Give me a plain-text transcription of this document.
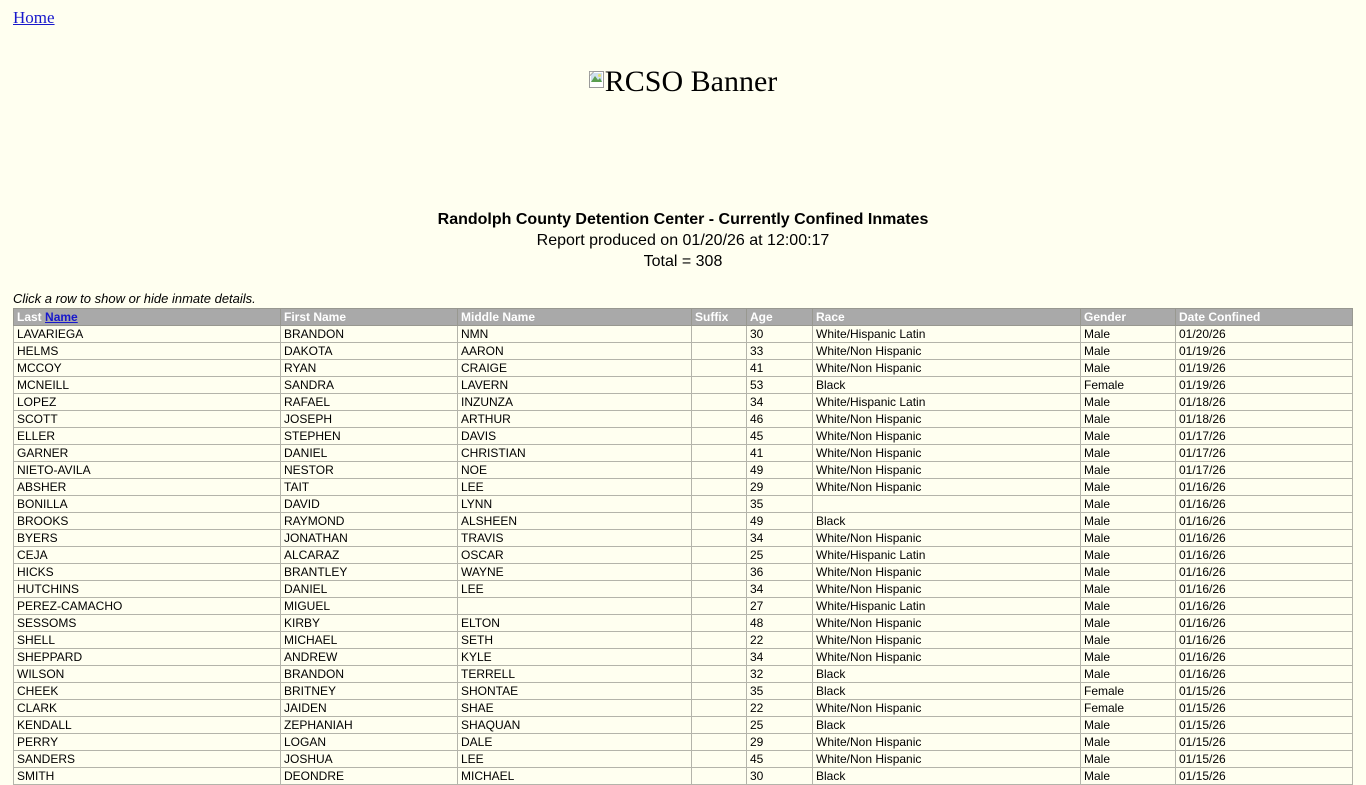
Home
RCSO Banner
Randolph County Detention Center - Currently Confined Inmates
Report produced on 01/20/26 at 12:00:17
Total = 308
Click a row to show or hide inmate details.
Last Name	First Name	Middle Name	Suffix	Age	Race	Gender	Date Confined
LAVARIEGA	BRANDON	NMN		30	White/Hispanic Latin	Male	01/20/26
HELMS	DAKOTA	AARON		33	White/Non Hispanic	Male	01/19/26
MCCOY	RYAN	CRAIGE		41	White/Non Hispanic	Male	01/19/26
MCNEILL	SANDRA	LAVERN		53	Black	Female	01/19/26
LOPEZ	RAFAEL	INZUNZA		34	White/Hispanic Latin	Male	01/18/26
SCOTT	JOSEPH	ARTHUR		46	White/Non Hispanic	Male	01/18/26
ELLER	STEPHEN	DAVIS		45	White/Non Hispanic	Male	01/17/26
GARNER	DANIEL	CHRISTIAN		41	White/Non Hispanic	Male	01/17/26
NIETO-AVILA	NESTOR	NOE		49	White/Non Hispanic	Male	01/17/26
ABSHER	TAIT	LEE		29	White/Non Hispanic	Male	01/16/26
BONILLA	DAVID	LYNN		35		Male	01/16/26
BROOKS	RAYMOND	ALSHEEN		49	Black	Male	01/16/26
BYERS	JONATHAN	TRAVIS		34	White/Non Hispanic	Male	01/16/26
CEJA	ALCARAZ	OSCAR		25	White/Hispanic Latin	Male	01/16/26
HICKS	BRANTLEY	WAYNE		36	White/Non Hispanic	Male	01/16/26
HUTCHINS	DANIEL	LEE		34	White/Non Hispanic	Male	01/16/26
PEREZ-CAMACHO	MIGUEL			27	White/Hispanic Latin	Male	01/16/26
SESSOMS	KIRBY	ELTON		48	White/Non Hispanic	Male	01/16/26
SHELL	MICHAEL	SETH		22	White/Non Hispanic	Male	01/16/26
SHEPPARD	ANDREW	KYLE		34	White/Non Hispanic	Male	01/16/26
WILSON	BRANDON	TERRELL		32	Black	Male	01/16/26
CHEEK	BRITNEY	SHONTAE		35	Black	Female	01/15/26
CLARK	JAIDEN	SHAE		22	White/Non Hispanic	Female	01/15/26
KENDALL	ZEPHANIAH	SHAQUAN		25	Black	Male	01/15/26
PERRY	LOGAN	DALE		29	White/Non Hispanic	Male	01/15/26
SANDERS	JOSHUA	LEE		45	White/Non Hispanic	Male	01/15/26
SMITH	DEONDRE	MICHAEL		30	Black	Male	01/15/26
